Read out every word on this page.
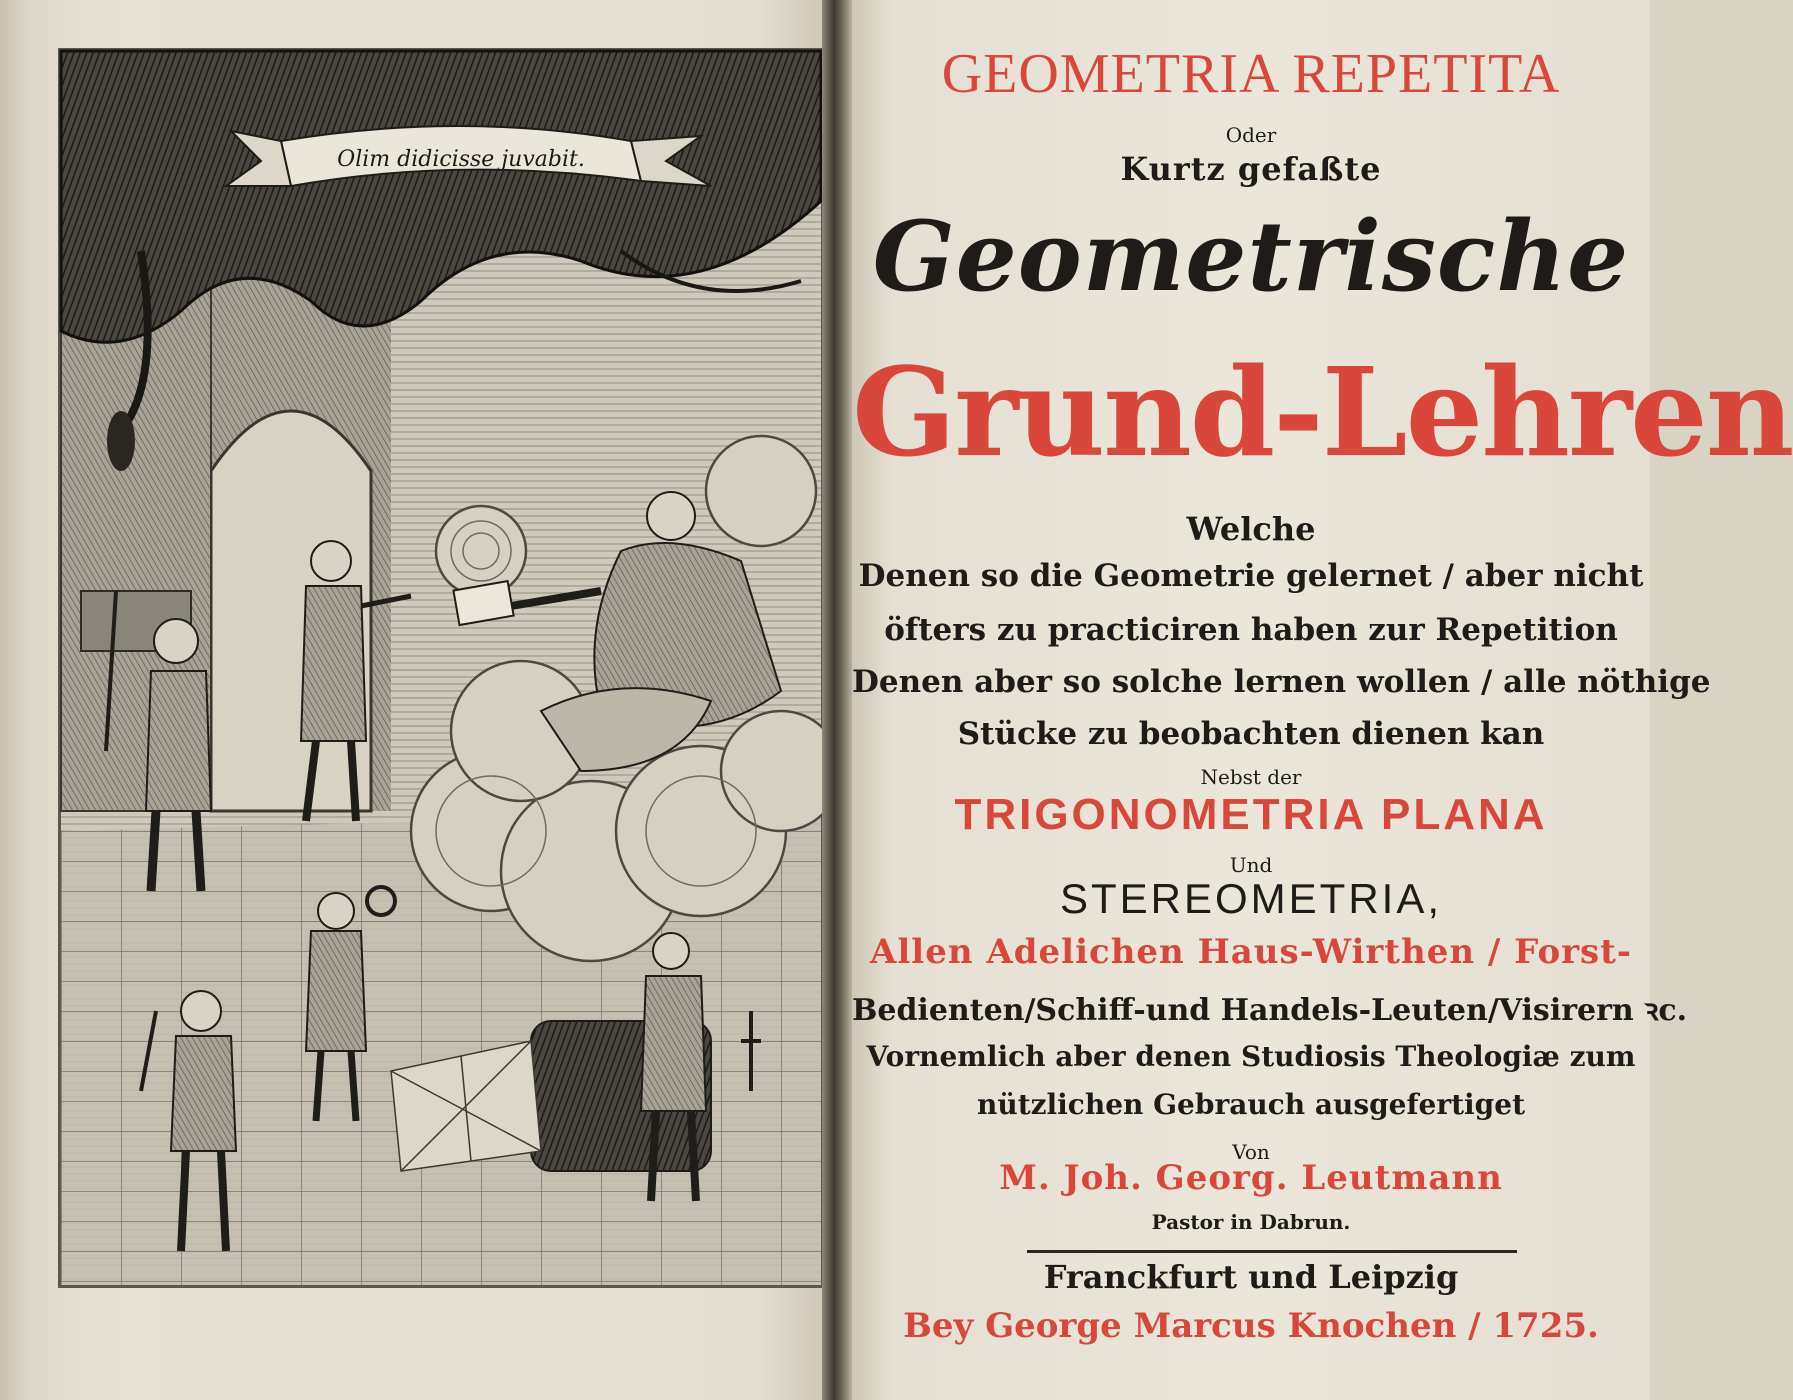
Olim didicisse juvabit.
GEOMETRIA REPETITA
Oder
Kurtz gefaßte
Geometrische
Grund-Lehren
Welche
Denen so die Geometrie gelernet / aber nicht
öfters zu practiciren haben zur Repetition
Denen aber so solche lernen wollen / alle nöthige
Stücke zu beobachten dienen kan
Nebst der
TRIGONOMETRIA PLANA
Und
STEREOMETRIA,
Allen Adelichen Haus-Wirthen / Forst-
Bedienten/Schiff-und Handels-Leuten/Visirern ꝛc.
Vornemlich aber denen Studiosis Theologiæ zum
nützlichen Gebrauch ausgefertiget
Von
M. Joh. Georg. Leutmann
Pastor in Dabrun.
Franckfurt und Leipzig
Bey George Marcus Knochen / 1725.
